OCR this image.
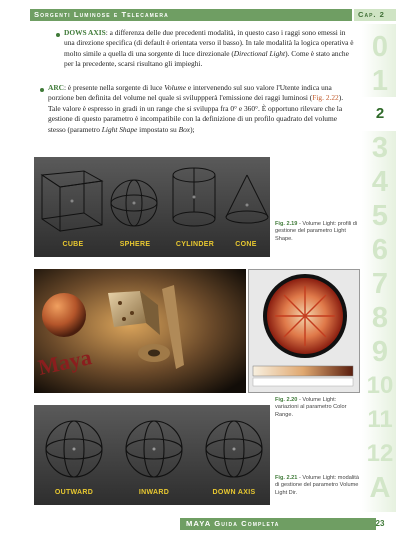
Sorgenti Luminose e Telecamera	Cap. 2
0
1
2
3
4
5
6
7
8
9
10
11
12
A
DOWS AXIS: a differenza delle due precedenti modalità, in questo caso i raggi sono emessi in una direzione specifica (di default è orientata verso il basso). In tale modalità la logica operativa è molto simile a quella di una sorgente di luce direzionale (Directional Light). Come è stato anche per la precedente, scarsi risultano gli impieghi.
ARC: è presente nella sorgente di luce Volume e intervenendo sul suo valore l'Utente indica una porzione ben definita del volume nel quale si sviluppperà l'emissione dei raggi luminosi (Fig. 2.22). Tale valore è espresso in gradi in un range che si sviluppa fra 0° e 360°. È opportuno rilevare che la gestione di questo parametro è incompatibile con la definizione di un profilo quadrato del volume stesso (parametro Light Shape impostato su Box);
CUBE	SPHERE	CYLINDER	CONE
Fig. 2.19 - Volume Light: profili di gestione del parametro Light Shape.
Maya
Fig. 2.20 - Volume Light: variazioni al parametro Color Range.
OUTWARD	INWARD	DOWN AXIS
Fig. 2.21 - Volume Light: modalità di gestione del parametro Volume Light Dir.
MAYA Guida Completa	23
